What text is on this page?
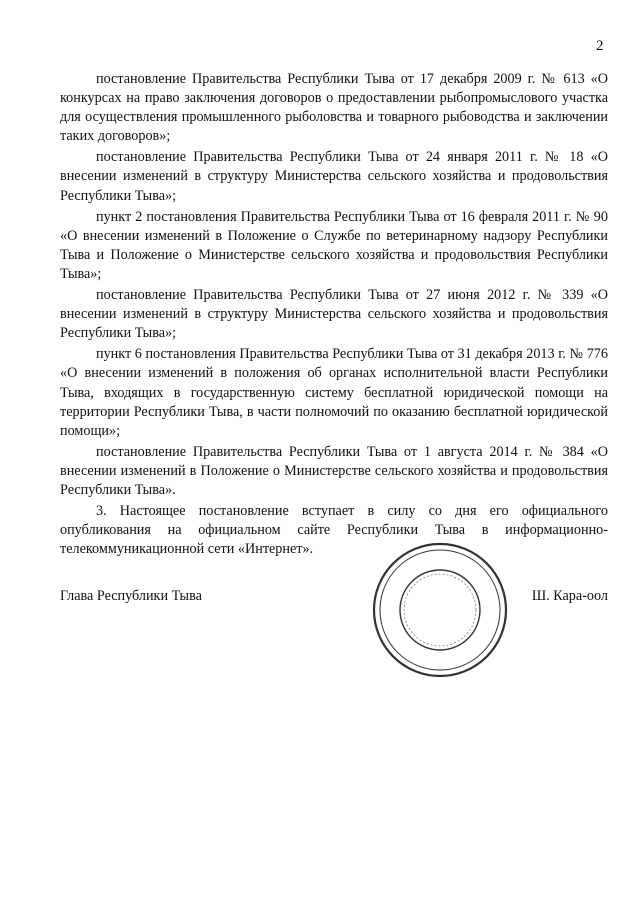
2

постановление Правительства Республики Тыва от 17 декабря 2009 г. № 613 «О конкурсах на право заключения договоров о предоставлении рыбопромыслового участка для осуществления промышленного рыболовства и товарного рыбоводства и заключении таких договоров»;

постановление Правительства Республики Тыва от 24 января 2011 г. № 18 «О внесении изменений в структуру Министерства сельского хозяйства и продовольствия Республики Тыва»;

пункт 2 постановления Правительства Республики Тыва от 16 февраля 2011 г. № 90 «О внесении изменений в Положение о Службе по ветеринарному надзору Республики Тыва и Положение о Министерстве сельского хозяйства и продовольствия Республики Тыва»;

постановление Правительства Республики Тыва от 27 июня 2012 г. № 339 «О внесении изменений в структуру Министерства сельского хозяйства и продовольствия Республики Тыва»;

пункт 6 постановления Правительства Республики Тыва от 31 декабря 2013 г. № 776 «О внесении изменений в положения об органах исполнительной власти Республики Тыва, входящих в государственную систему бесплатной юридической помощи на территории Республики Тыва, в части полномочий по оказанию бесплатной юридической помощи»;

постановление Правительства Республики Тыва от 1 августа 2014 г. № 384 «О внесении изменений в Положение о Министерстве сельского хозяйства и продовольствия Республики Тыва».

3. Настоящее постановление вступает в силу со дня его официального опубликования на официальном сайте Республики Тыва в информационно-телекоммуникационной сети «Интернет».

Глава Республики Тыва	Ш. Кара-оол
